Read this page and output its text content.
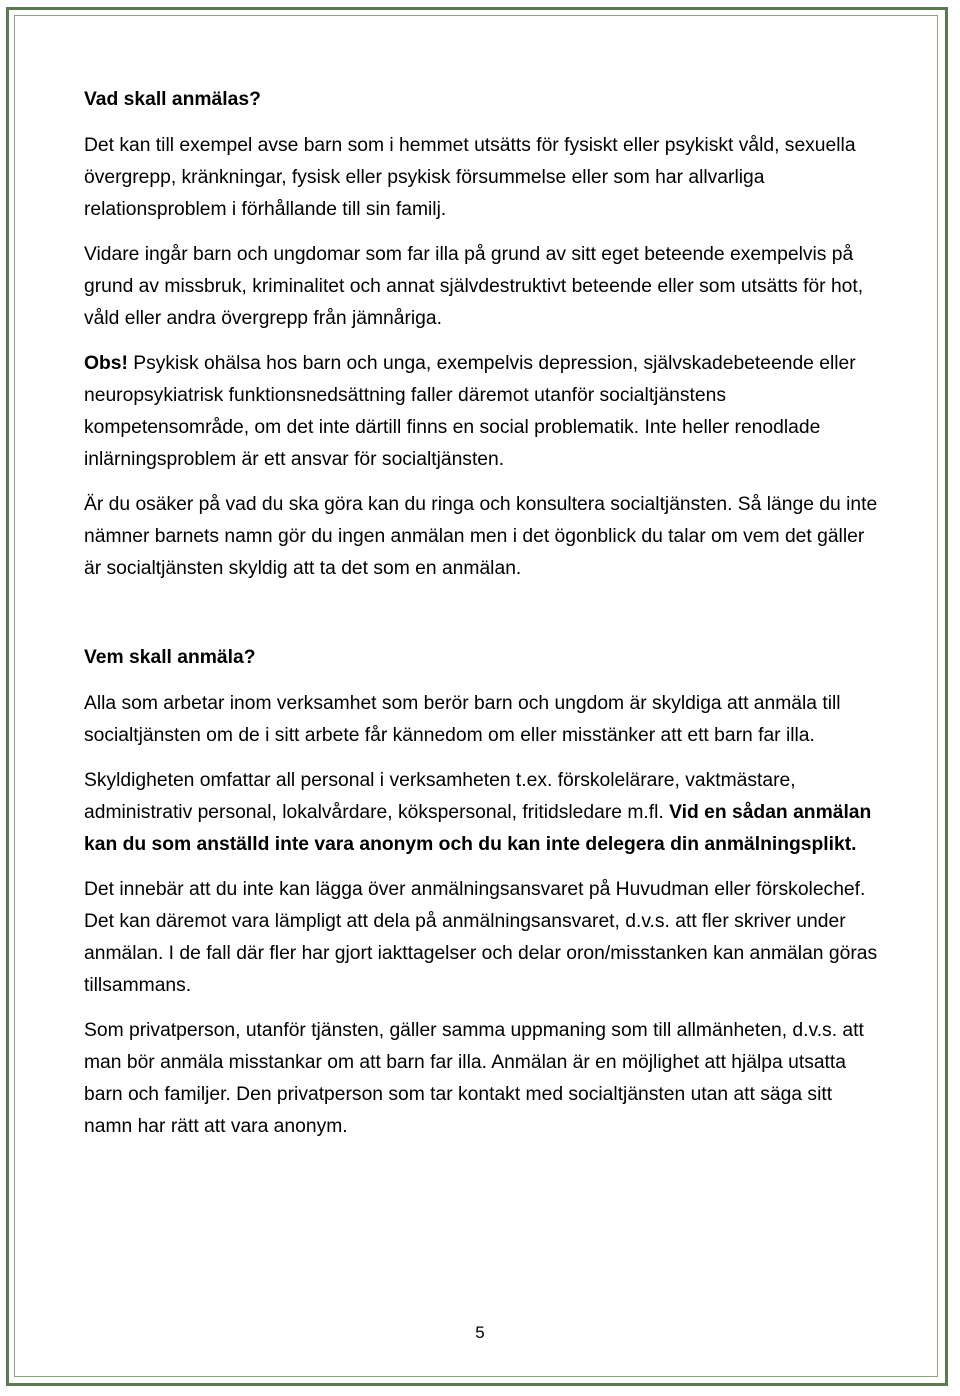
Vad skall anmälas?

Det kan till exempel avse barn som i hemmet utsätts för fysiskt eller psykiskt våld, sexuella övergrepp, kränkningar, fysisk eller psykisk försummelse eller som har allvarliga relationsproblem i förhållande till sin familj.

Vidare ingår barn och ungdomar som far illa på grund av sitt eget beteende exempelvis på grund av missbruk, kriminalitet och annat självdestruktivt beteende eller som utsätts för hot, våld eller andra övergrepp från jämnåriga.

Obs! Psykisk ohälsa hos barn och unga, exempelvis depression, självskadebeteende eller neuropsykiatrisk funktionsnedsättning faller däremot utanför socialtjänstens kompetensområde, om det inte därtill finns en social problematik. Inte heller renodlade inlärningsproblem är ett ansvar för socialtjänsten.

Är du osäker på vad du ska göra kan du ringa och konsultera socialtjänsten. Så länge du inte nämner barnets namn gör du ingen anmälan men i det ögonblick du talar om vem det gäller är socialtjänsten skyldig att ta det som en anmälan.

Vem skall anmäla?

Alla som arbetar inom verksamhet som berör barn och ungdom är skyldiga att anmäla till socialtjänsten om de i sitt arbete får kännedom om eller misstänker att ett barn far illa.

Skyldigheten omfattar all personal i verksamheten t.ex. förskolelärare, vaktmästare, administrativ personal, lokalvårdare, kökspersonal, fritidsledare m.fl. Vid en sådan anmälan kan du som anställd inte vara anonym och du kan inte delegera din anmälningsplikt.

Det innebär att du inte kan lägga över anmälningsansvaret på Huvudman eller förskolechef. Det kan däremot vara lämpligt att dela på anmälningsansvaret, d.v.s. att fler skriver under anmälan. I de fall där fler har gjort iakttagelser och delar oron/misstanken kan anmälan göras tillsammans.

Som privatperson, utanför tjänsten, gäller samma uppmaning som till allmänheten, d.v.s. att man bör anmäla misstankar om att barn far illa. Anmälan är en möjlighet att hjälpa utsatta barn och familjer. Den privatperson som tar kontakt med socialtjänsten utan att säga sitt namn har rätt att vara anonym.

5
